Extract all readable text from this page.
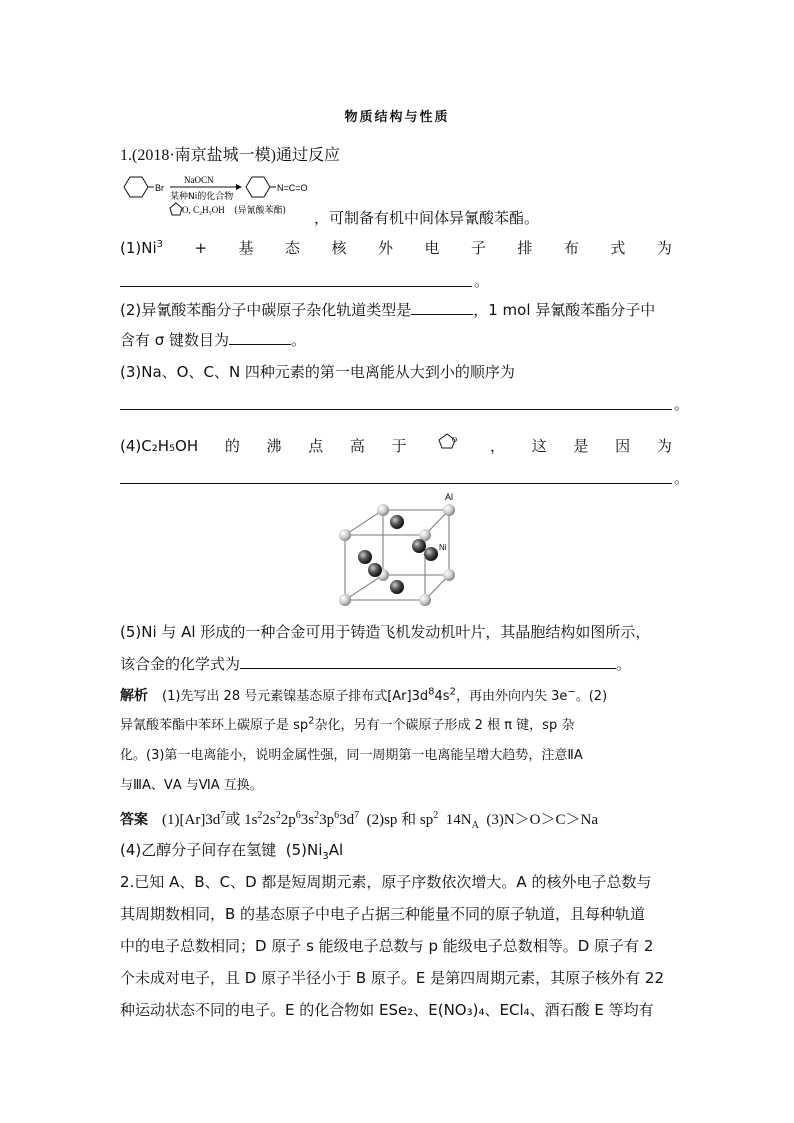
物质结构与性质
1.(2018·南京盐城一模)通过反应
Br
NaOCN
某种Ni的化合物
N=C=O
O, C₂H₅OH (异氰酸苯酯) ，可制备有机中间体异氰酸苯酯。
$(1)Ni^3$ + 基 态 核 外 电 子 排 布 式 为
。
(2)异氰酸苯酯分子中碳原子杂化轨道类型是	，1 mol 异氰酸苯酯分子中
含有 σ 键数目为	。
(3)Na、O、C、N 四种元素的第一电离能从大到小的顺序为
。
(4)C₂H₅OH 的 沸 点 高 于	O ， 这 是 因 为
。
Al
Ni
(5)Ni 与 Al 形成的一种合金可用于铸造飞机发动机叶片，其晶胞结构如图所示，
该合金的化学式为	。
解析 (1)先写出 28 号元素镍基态原子排布式$[Ar]3d^84s^2$，再由外向内失 3e−。(2)
异氰酸苯酯中苯环上碳原子是 $sp^2$杂化，另有一个碳原子形成 2 根 π 键，sp 杂
化。(3)第一电离能小，说明金属性强，同一周期第一电离能呈增大趋势，注意ⅡA
与ⅢA、ⅤA 与ⅥA 互换。
答案 $(1)[Ar]3d^7$或 $1s^22s^22p^63s^23p^63d^7$  (2)sp 和 $sp^2$  $14N_A$  (3)N＞O＞C＞Na
(4)乙醇分子间存在氢键  $(5)Ni_3Al$
2.已知 A、B、C、D 都是短周期元素，原子序数依次增大。A 的核外电子总数与
其周期数相同，B 的基态原子中电子占据三种能量不同的原子轨道，且每种轨道
中的电子总数相同；D 原子 s 能级电子总数与 p 能级电子总数相等。D 原子有 2
个未成对电子，且 D 原子半径小于 B 原子。E 是第四周期元素，其原子核外有 22
种运动状态不同的电子。E 的化合物如 ESe₂、E(NO₃)₄、ECl₄、酒石酸 E 等均有
